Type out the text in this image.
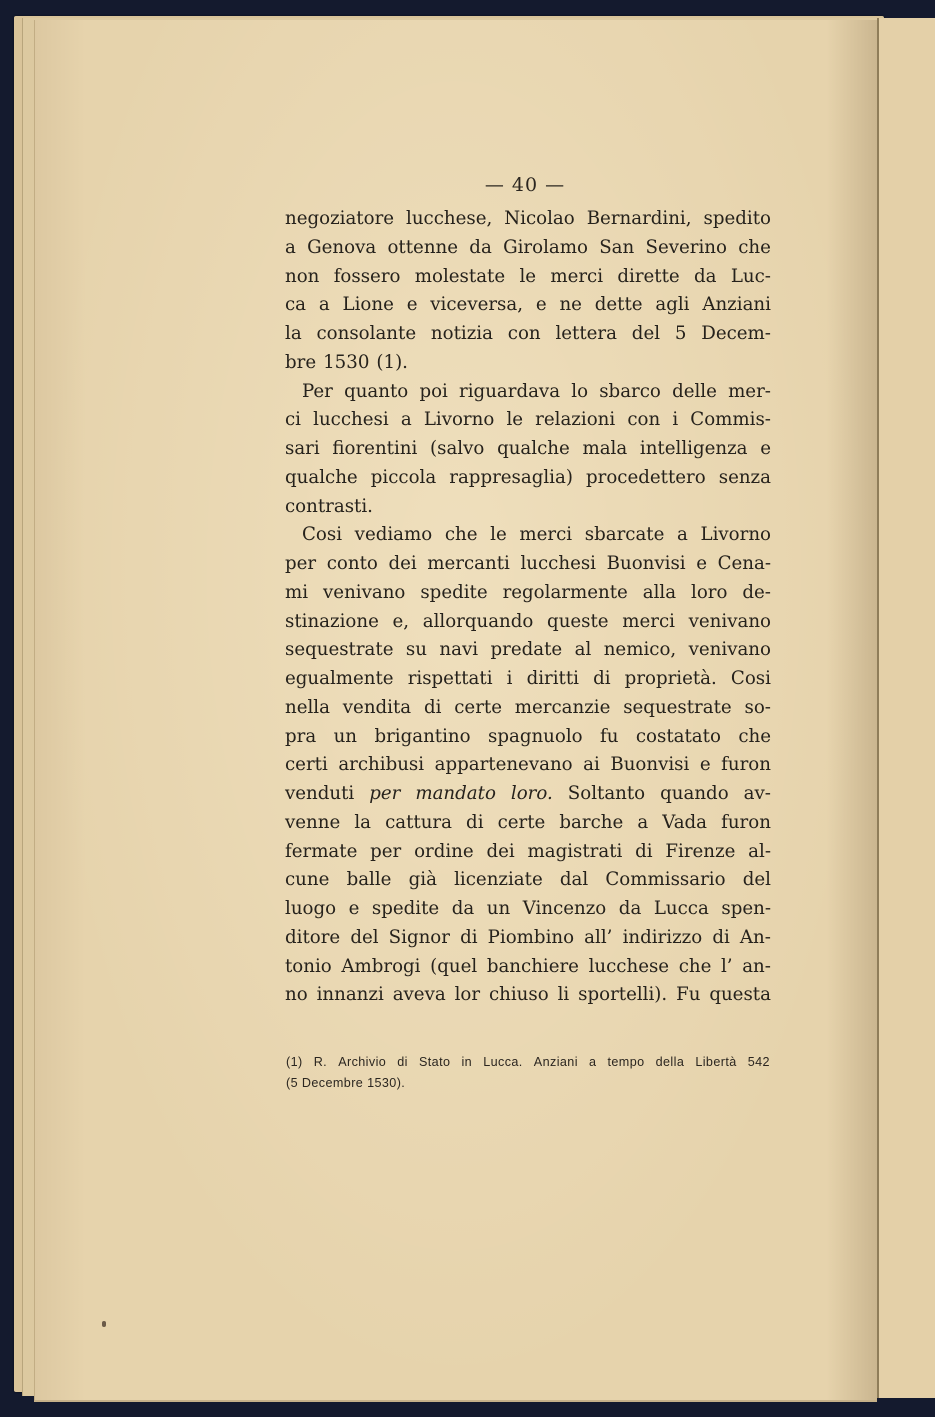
— 40 —
negoziatore lucchese, Nicolao Bernardini, spedito
a Genova ottenne da Girolamo San Severino che
non fossero molestate le merci dirette da Luc-
ca a Lione e viceversa, e ne dette agli Anziani
la consolante notizia con lettera del 5 Decem-
bre 1530 (1).
Per quanto poi riguardava lo sbarco delle mer-
ci lucchesi a Livorno le relazioni con i Commis-
sari fiorentini (salvo qualche mala intelligenza e
qualche piccola rappresaglia) procedettero senza
contrasti.
Cosi vediamo che le merci sbarcate a Livorno
per conto dei mercanti lucchesi Buonvisi e Cena-
mi venivano spedite regolarmente alla loro de-
stinazione e, allorquando queste merci venivano
sequestrate su navi predate al nemico, venivano
egualmente rispettati i diritti di proprietà. Cosi
nella vendita di certe mercanzie sequestrate so-
pra un brigantino spagnuolo fu costatato che
certi archibusi appartenevano ai Buonvisi e furon
venduti per mandato loro. Soltanto quando av-
venne la cattura di certe barche a Vada furon
fermate per ordine dei magistrati di Firenze al-
cune balle già licenziate dal Commissario del
luogo e spedite da un Vincenzo da Lucca spen-
ditore del Signor di Piombino all’ indirizzo di An-
tonio Ambrogi (quel banchiere lucchese che l’ an-
no innanzi aveva lor chiuso li sportelli). Fu questa
(1) R. Archivio di Stato in Lucca. Anziani a tempo della Libertà 542
(5 Decembre 1530).
